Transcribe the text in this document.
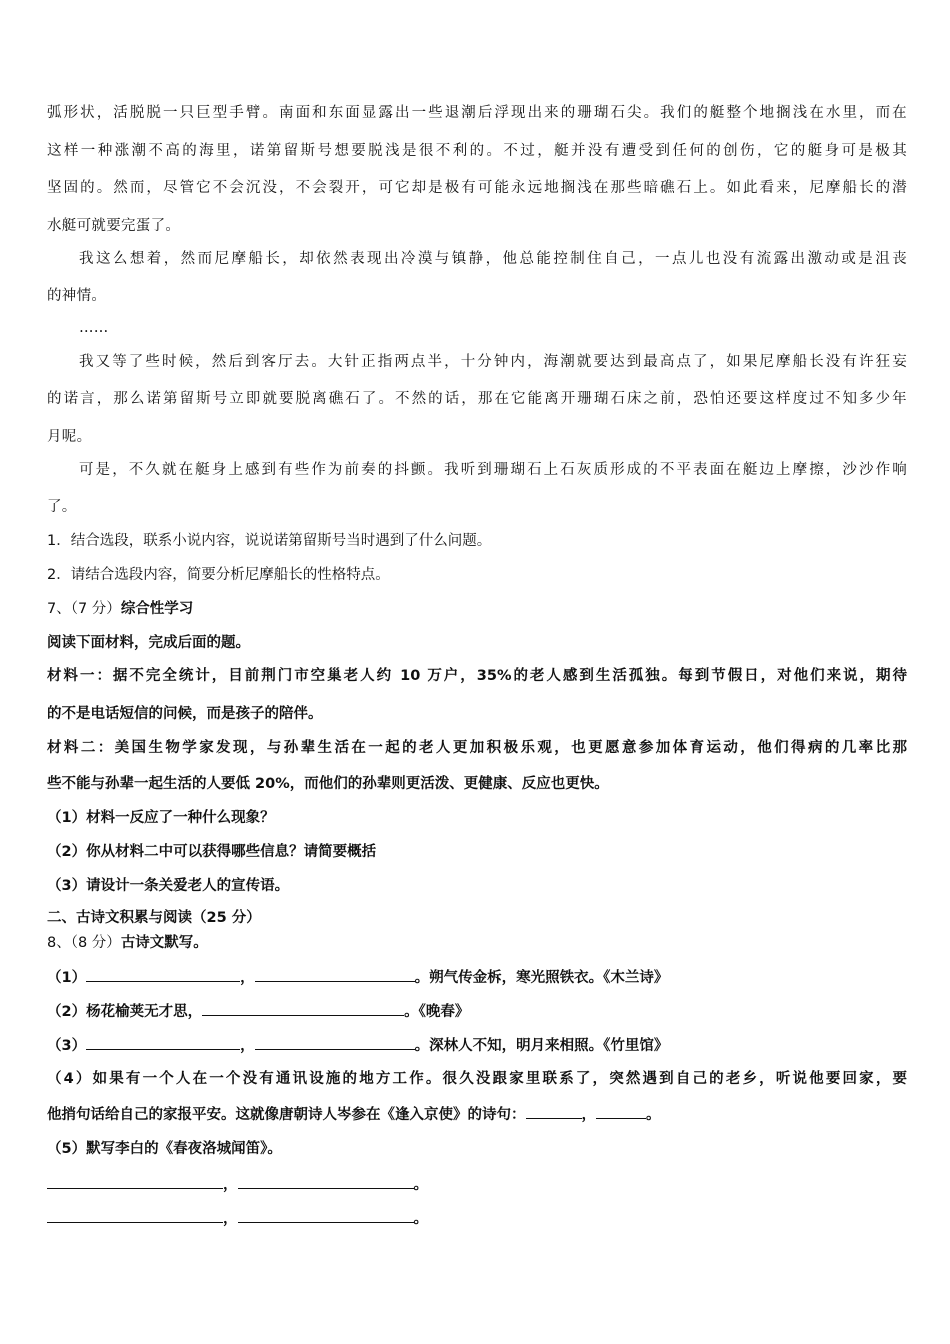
弧形状，活脱脱一只巨型手臂。南面和东面显露出一些退潮后浮现出来的珊瑚石尖。我们的艇整个地搁浅在水里，而在
这样一种涨潮不高的海里，诺第留斯号想要脱浅是很不利的。不过，艇并没有遭受到任何的创伤，它的艇身可是极其
坚固的。然而，尽管它不会沉没，不会裂开，可它却是极有可能永远地搁浅在那些暗礁石上。如此看来，尼摩船长的潜
水艇可就要完蛋了。
我这么想着，然而尼摩船长，却依然表现出冷漠与镇静，他总能控制住自己，一点儿也没有流露出激动或是沮丧
的神情。
……
我又等了些时候，然后到客厅去。大针正指两点半，十分钟内，海潮就要达到最高点了，如果尼摩船长没有许狂妄
的诺言，那么诺第留斯号立即就要脱离礁石了。不然的话，那在它能离开珊瑚石床之前，恐怕还要这样度过不知多少年
月呢。
可是，不久就在艇身上感到有些作为前奏的抖颤。我听到珊瑚石上石灰质形成的不平表面在艇边上摩擦，沙沙作响
了。
1．结合选段，联系小说内容，说说诺第留斯号当时遇到了什么问题。
2．请结合选段内容，简要分析尼摩船长的性格特点。
7、（7 分）综合性学习
阅读下面材料，完成后面的题。
材料一：据不完全统计，目前荆门市空巢老人约 10 万户，35%的老人感到生活孤独。每到节假日，对他们来说，期待
的不是电话短信的问候，而是孩子的陪伴。
材料二：美国生物学家发现，与孙辈生活在一起的老人更加积极乐观，也更愿意参加体育运动，他们得病的几率比那
些不能与孙辈一起生活的人要低 20%，而他们的孙辈则更活泼、更健康、反应也更快。
（1）材料一反应了一种什么现象？
（2）你从材料二中可以获得哪些信息？请简要概括
（3）请设计一条关爱老人的宣传语。
二、古诗文积累与阅读（25 分）
8、（8 分）古诗文默写。
（1）	，	。朔气传金柝，寒光照铁衣。《木兰诗》
（2）杨花榆荚无才思，	。《晚春》
（3）	，	。深林人不知，明月来相照。《竹里馆》
（4）如果有一个人在一个没有通讯设施的地方工作。很久没跟家里联系了，突然遇到自己的老乡，听说他要回家，要
他捎句话给自己的家报平安。这就像唐朝诗人岑参在《逢入京使》的诗句：	，	。
（5）默写李白的《春夜洛城闻笛》。
，	。
，	。
